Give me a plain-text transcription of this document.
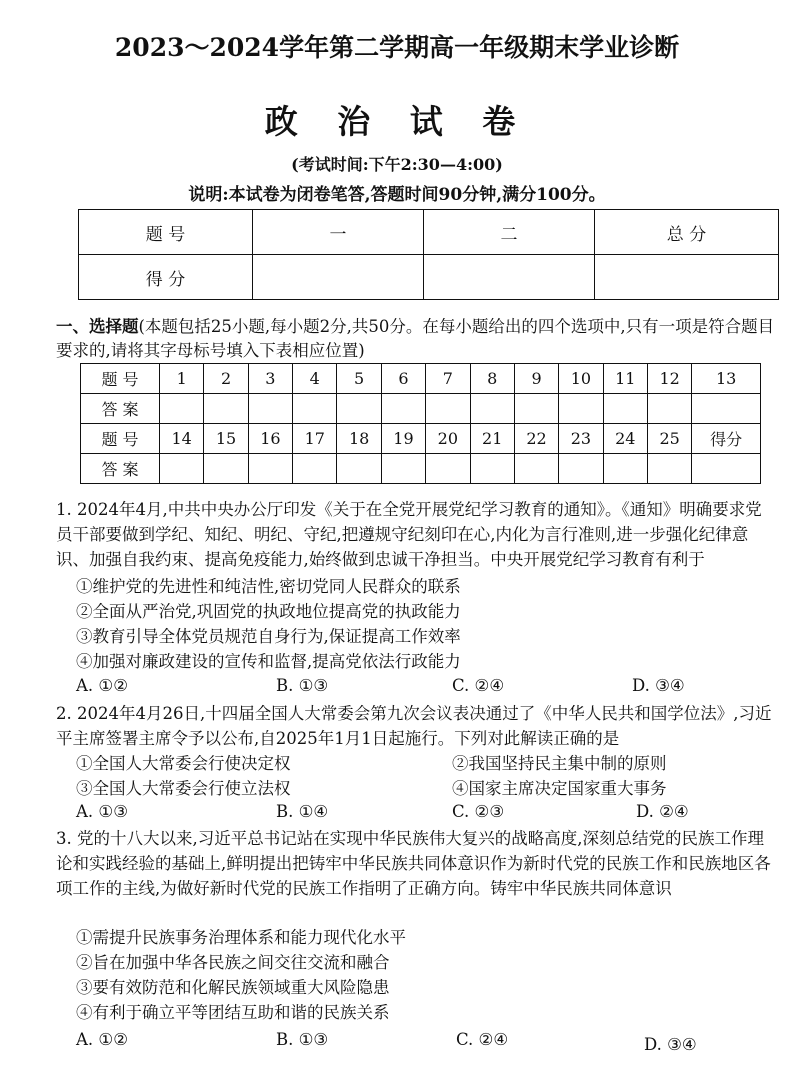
2023～2024学年第二学期高一年级期末学业诊断
政 治 试 卷
(考试时间:下午2:30—4:00)
说明:本试卷为闭卷笔答,答题时间90分钟,满分100分。
题 号	一	二	总 分
得 分			
一、选择题(本题包括25小题,每小题2分,共50分。在每小题给出的四个选项中,只有一项是符合题目要求的,请将其字母标号填入下表相应位置)
题 号	1	2	3	4	5	6	7	8	9	10	11	12	13
答 案													
题 号	14	15	16	17	18	19	20	21	22	23	24	25	得分
答 案													
1. 2024年4月,中共中央办公厅印发《关于在全党开展党纪学习教育的通知》。《通知》明确要求党员干部要做到学纪、知纪、明纪、守纪,把遵规守纪刻印在心,内化为言行准则,进一步强化纪律意识、加强自我约束、提高免疫能力,始终做到忠诚干净担当。中央开展党纪学习教育有利于
①维护党的先进性和纯洁性,密切党同人民群众的联系
②全面从严治党,巩固党的执政地位提高党的执政能力
③教育引导全体党员规范自身行为,保证提高工作效率
④加强对廉政建设的宣传和监督,提高党依法行政能力
A. ①②	B. ①③	C. ②④	D. ③④
2. 2024年4月26日,十四届全国人大常委会第九次会议表决通过了《中华人民共和国学位法》,习近平主席签署主席令予以公布,自2025年1月1日起施行。下列对此解读正确的是
①全国人大常委会行使决定权	②我国坚持民主集中制的原则
③全国人大常委会行使立法权	④国家主席决定国家重大事务
A. ①③	B. ①④	C. ②③	D. ②④
3. 党的十八大以来,习近平总书记站在实现中华民族伟大复兴的战略高度,深刻总结党的民族工作理论和实践经验的基础上,鲜明提出把铸牢中华民族共同体意识作为新时代党的民族工作和民族地区各项工作的主线,为做好新时代党的民族工作指明了正确方向。铸牢中华民族共同体意识
①需提升民族事务治理体系和能力现代化水平
②旨在加强中华各民族之间交往交流和融合
③要有效防范和化解民族领域重大风险隐患
④有利于确立平等团结互助和谐的民族关系
A. ①②	B. ①③	C. ②④	D. ③④
